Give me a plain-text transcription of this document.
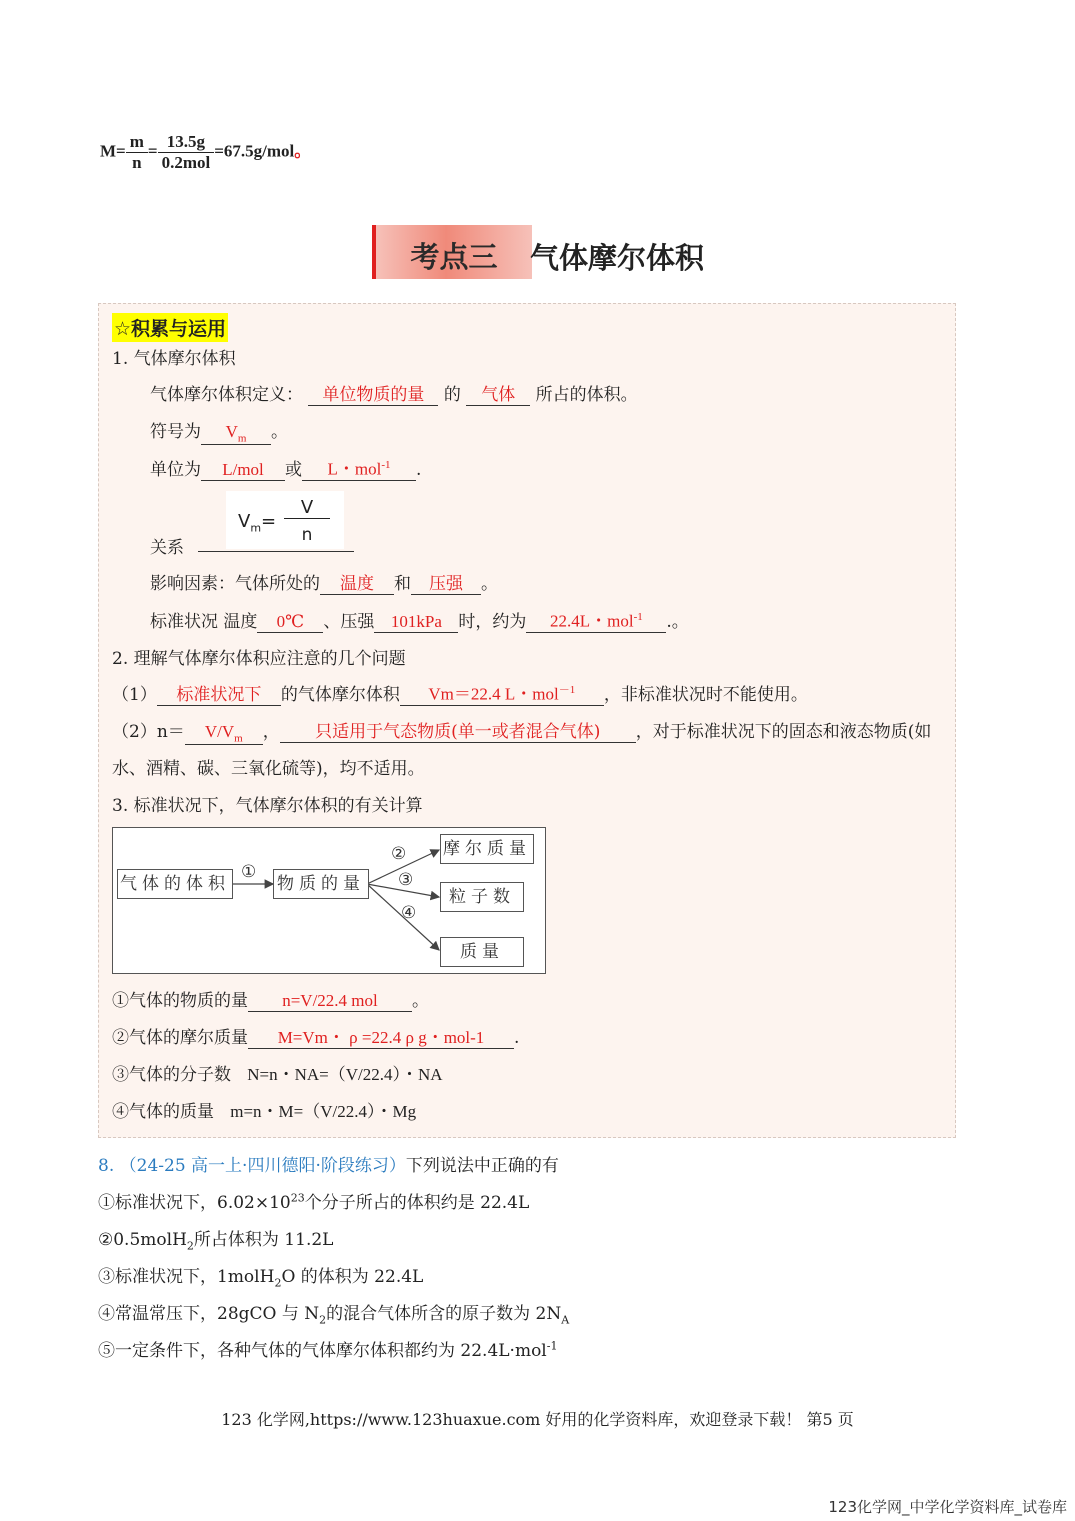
$M= \frac{m}{n} = \frac{13.5g}{\text{0.2mol}} =67.5g/mol$。
考点三	气体摩尔体积
☆积累与运用
1. 气体摩尔体积
气体摩尔体积定义： 单位物质的量 的 气体 所占的体积。
符号为 $V_m$ 。
单位为 L/mol 或 L・mol$^{-1}$ .
关系
影响因素：气体所处的 温度 和 压强 。
标准状况 温度 0℃ 、压强 101kPa 时，约为 22.4L・mol$^{-1}$ .。
2. 理解气体摩尔体积应注意的几个问题
（1） 标准状况下 的气体摩尔体积 Vm＝22.4 L・mol$^{-1}$ ，非标准状况时不能使用。
$(2)n= V/V_m$ ， 只适用于气态物质(单一或者混合气体) ，对于标准状况下的固态和液态物质(如
水、酒精、碳、三氧化硫等)，均不适用。
3. 标准状况下，气体摩尔体积的有关计算
①气体的物质的量 n=V/22.4 mol 。
②气体的摩尔质量 M=Vm・ ρ =22.4 ρ g・mol-1 .
③气体的分子数 N=n・NA=（V/22.4）・NA
④气体的质量 m=n・M=（V/22.4）・Mg
$V_m=$
V
n
气体的体积	物质的量
摩尔质量
粒子数
质量
①
②
③
④
8. （24-25 高一上·四川德阳·阶段练习）下列说法中正确的有
①标准状况下，$6.02\times 10^{23}$个分子所占的体积约是 22.4L
②0.5molH$_2$所占体积为 11.2L
③标准状况下，1molH$_2$O 的体积为 22.4L
④常温常压下，28gCO 与 $N_2$的混合气体所含的原子数为 $2N_A$
⑤一定条件下，各种气体的气体摩尔体积都约为 22.4L·mol$^{-1}$
123 化学网,https://www.123huaxue.com 好用的化学资料库，欢迎登录下载！ 第5 页
123化学网_中学化学资料库_试卷库
